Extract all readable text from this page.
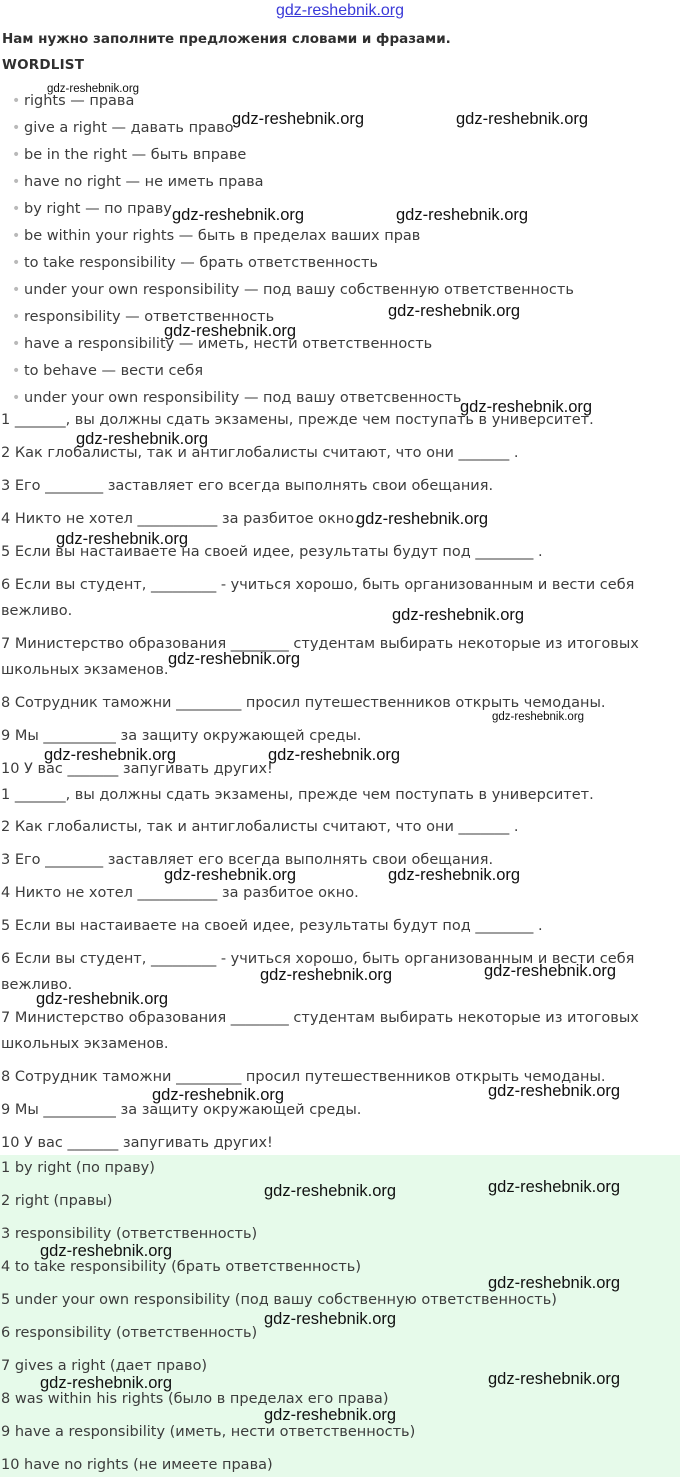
gdz-reshebnik.org
Нам нужно заполните предложения словами и фразами.
WORDLIST
• rights — права
• give a right — давать право
• be in the right — быть вправе
• have no right — не иметь права
• by right — по праву
• be within your rights — быть в пределах ваших прав
• to take responsibility — брать ответственность
• under your own responsibility — под вашу собственную ответственность
• responsibility — ответственность
• have a responsibility — иметь, нести ответственность
• to behave — вести себя
• under your own responsibility — под вашу ответсвенность
1 _______, вы должны сдать экзамены, прежде чем поступать в университет.
2 Как глобалисты, так и антиглобалисты считают, что они _______ .
3 Его ________ заставляет его всегда выполнять свои обещания.
4 Никто не хотел ___________ за разбитое окно.
5 Если вы настаиваете на своей идее, результаты будут под ________ .
6 Если вы студент, _________ - учиться хорошо, быть организованным и вести себя
вежливо.
7 Министерство образования ________ студентам выбирать некоторые из итоговых
школьных экзаменов.
8 Сотрудник таможни _________ просил путешественников открыть чемоданы.
9 Мы __________ за защиту окружающей среды.
10 У вас _______ запугивать других!
1 _______, вы должны сдать экзамены, прежде чем поступать в университет.
2 Как глобалисты, так и антиглобалисты считают, что они _______ .
3 Его ________ заставляет его всегда выполнять свои обещания.
4 Никто не хотел ___________ за разбитое окно.
5 Если вы настаиваете на своей идее, результаты будут под ________ .
6 Если вы студент, _________ - учиться хорошо, быть организованным и вести себя
вежливо.
7 Министерство образования ________ студентам выбирать некоторые из итоговых
школьных экзаменов.
8 Сотрудник таможни _________ просил путешественников открыть чемоданы.
9 Мы __________ за защиту окружающей среды.
10 У вас _______ запугивать других!
1 by right (по праву)
2 right (правы)
3 responsibility (ответственность)
4 to take responsibility (брать ответственность)
5 under your own responsibility (под вашу собственную ответственность)
6 responsibility (ответственность)
7 gives a right (дает право)
8 was within his rights (было в пределах его права)
9 have a responsibility (иметь, нести ответственность)
10 have no rights (не имеете права)
gdz-reshebnik.org
gdz-reshebnik.org	gdz-reshebnik.org
gdz-reshebnik.org	gdz-reshebnik.org
gdz-reshebnik.org
gdz-reshebnik.org
gdz-reshebnik.org
gdz-reshebnik.org
gdz-reshebnik.org
gdz-reshebnik.org
gdz-reshebnik.org
gdz-reshebnik.org
gdz-reshebnik.org
gdz-reshebnik.org	gdz-reshebnik.org
gdz-reshebnik.org	gdz-reshebnik.org
gdz-reshebnik.org
gdz-reshebnik.org
gdz-reshebnik.org
gdz-reshebnik.org
gdz-reshebnik.org
gdz-reshebnik.org
gdz-reshebnik.org
gdz-reshebnik.org
gdz-reshebnik.org
gdz-reshebnik.org
gdz-reshebnik.org
gdz-reshebnik.org
gdz-reshebnik.org
